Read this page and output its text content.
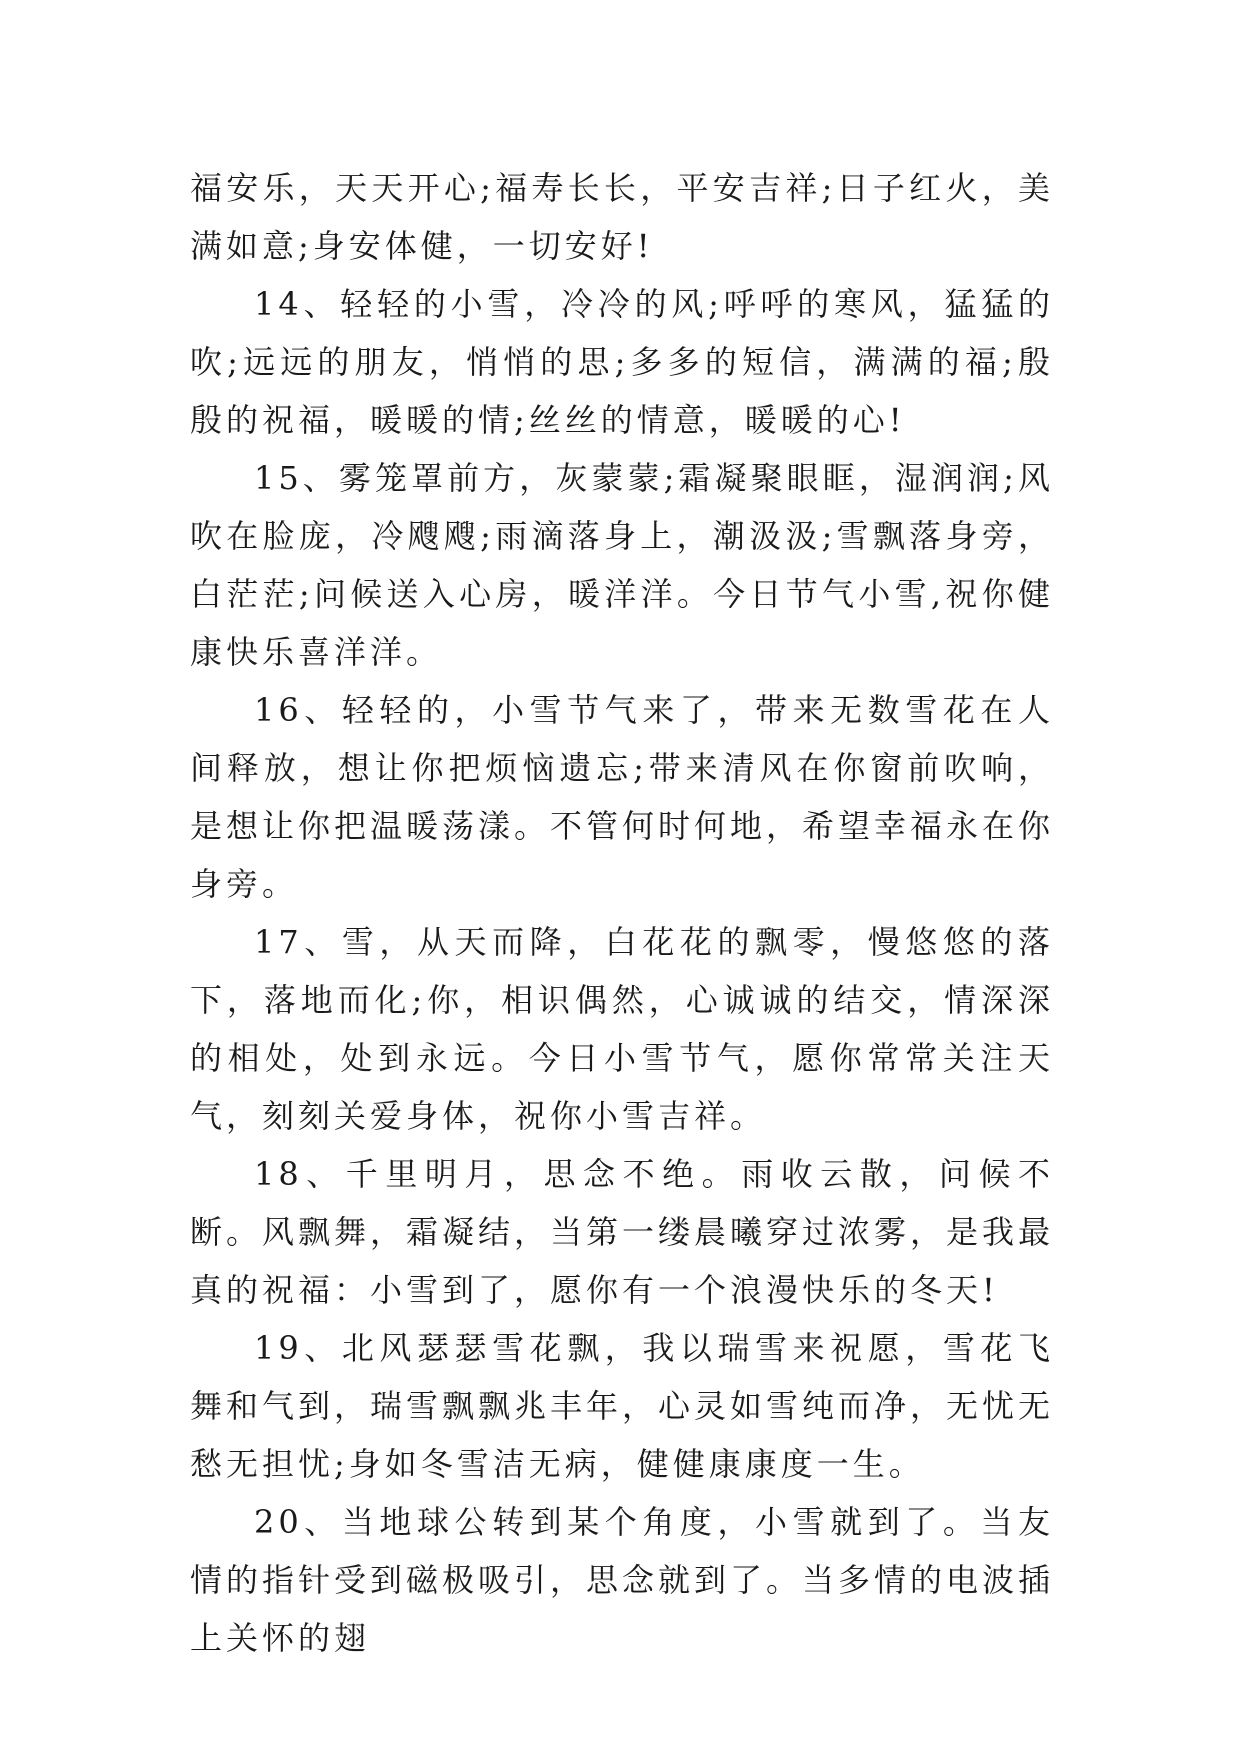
福安乐，天天开心;福寿长长，平安吉祥;日子红火，美满如意;身安体健，一切安好!

14、轻轻的小雪，冷冷的风;呼呼的寒风，猛猛的吹;远远的朋友，悄悄的思;多多的短信，满满的福;殷殷的祝福，暖暖的情;丝丝的情意，暖暖的心!

15、雾笼罩前方，灰蒙蒙;霜凝聚眼眶，湿润润;风吹在脸庞，冷飕飕;雨滴落身上，潮汲汲;雪飘落身旁，白茫茫;问候送入心房，暖洋洋。今日节气小雪,祝你健康快乐喜洋洋。

16、轻轻的，小雪节气来了，带来无数雪花在人间释放，想让你把烦恼遗忘;带来清风在你窗前吹响，是想让你把温暖荡漾。不管何时何地，希望幸福永在你身旁。

17、雪，从天而降，白花花的飘零，慢悠悠的落下，落地而化;你，相识偶然，心诚诚的结交，情深深的相处，处到永远。今日小雪节气，愿你常常关注天气，刻刻关爱身体，祝你小雪吉祥。

18、千里明月，思念不绝。雨收云散，问候不断。风飘舞，霜凝结，当第一缕晨曦穿过浓雾，是我最真的祝福：小雪到了，愿你有一个浪漫快乐的冬天!

19、北风瑟瑟雪花飘，我以瑞雪来祝愿，雪花飞舞和气到，瑞雪飘飘兆丰年，心灵如雪纯而净，无忧无愁无担忧;身如冬雪洁无病，健健康康度一生。

20、当地球公转到某个角度，小雪就到了。当友情的指针受到磁极吸引，思念就到了。当多情的电波插上关怀的翅
